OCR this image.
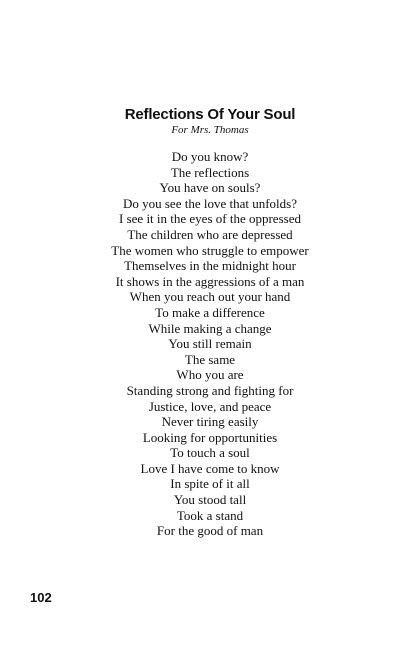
Reflections Of Your Soul
For Mrs. Thomas
Do you know?
The reflections
You have on souls?
Do you see the love that unfolds?
I see it in the eyes of the oppressed
The children who are depressed
The women who struggle to empower
Themselves in the midnight hour
It shows in the aggressions of a man
When you reach out your hand
To make a difference
While making a change
You still remain
The same
Who you are
Standing strong and fighting for
Justice, love, and peace
Never tiring easily
Looking for opportunities
To touch a soul
Love I have come to know
In spite of it all
You stood tall
Took a stand
For the good of man
102
